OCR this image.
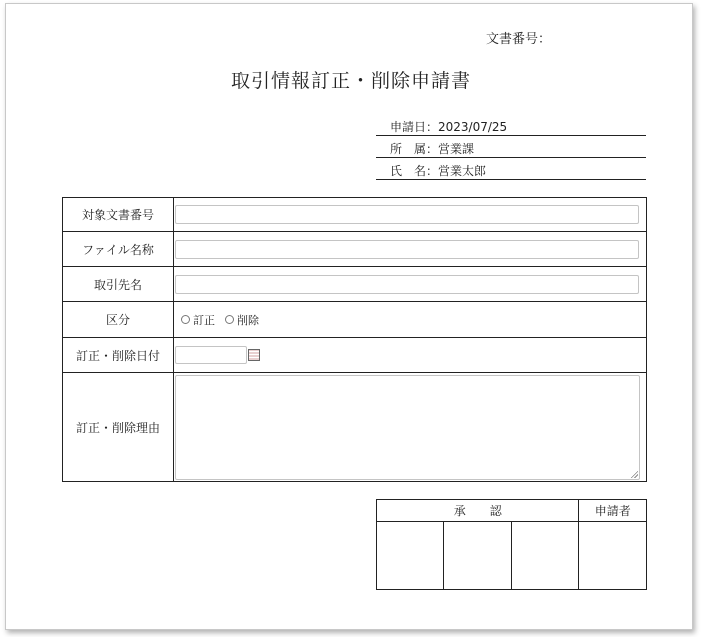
文書番号：
取引情報訂正・削除申請書
申請日：2023/07/25
所　属：営業課
氏　名：営業太郎
対象文書番号	

ファイル名称	

取引先名	

区分	訂正 削除

訂正・削除日付	

訂正・削除理由	
承　　認			申請者
